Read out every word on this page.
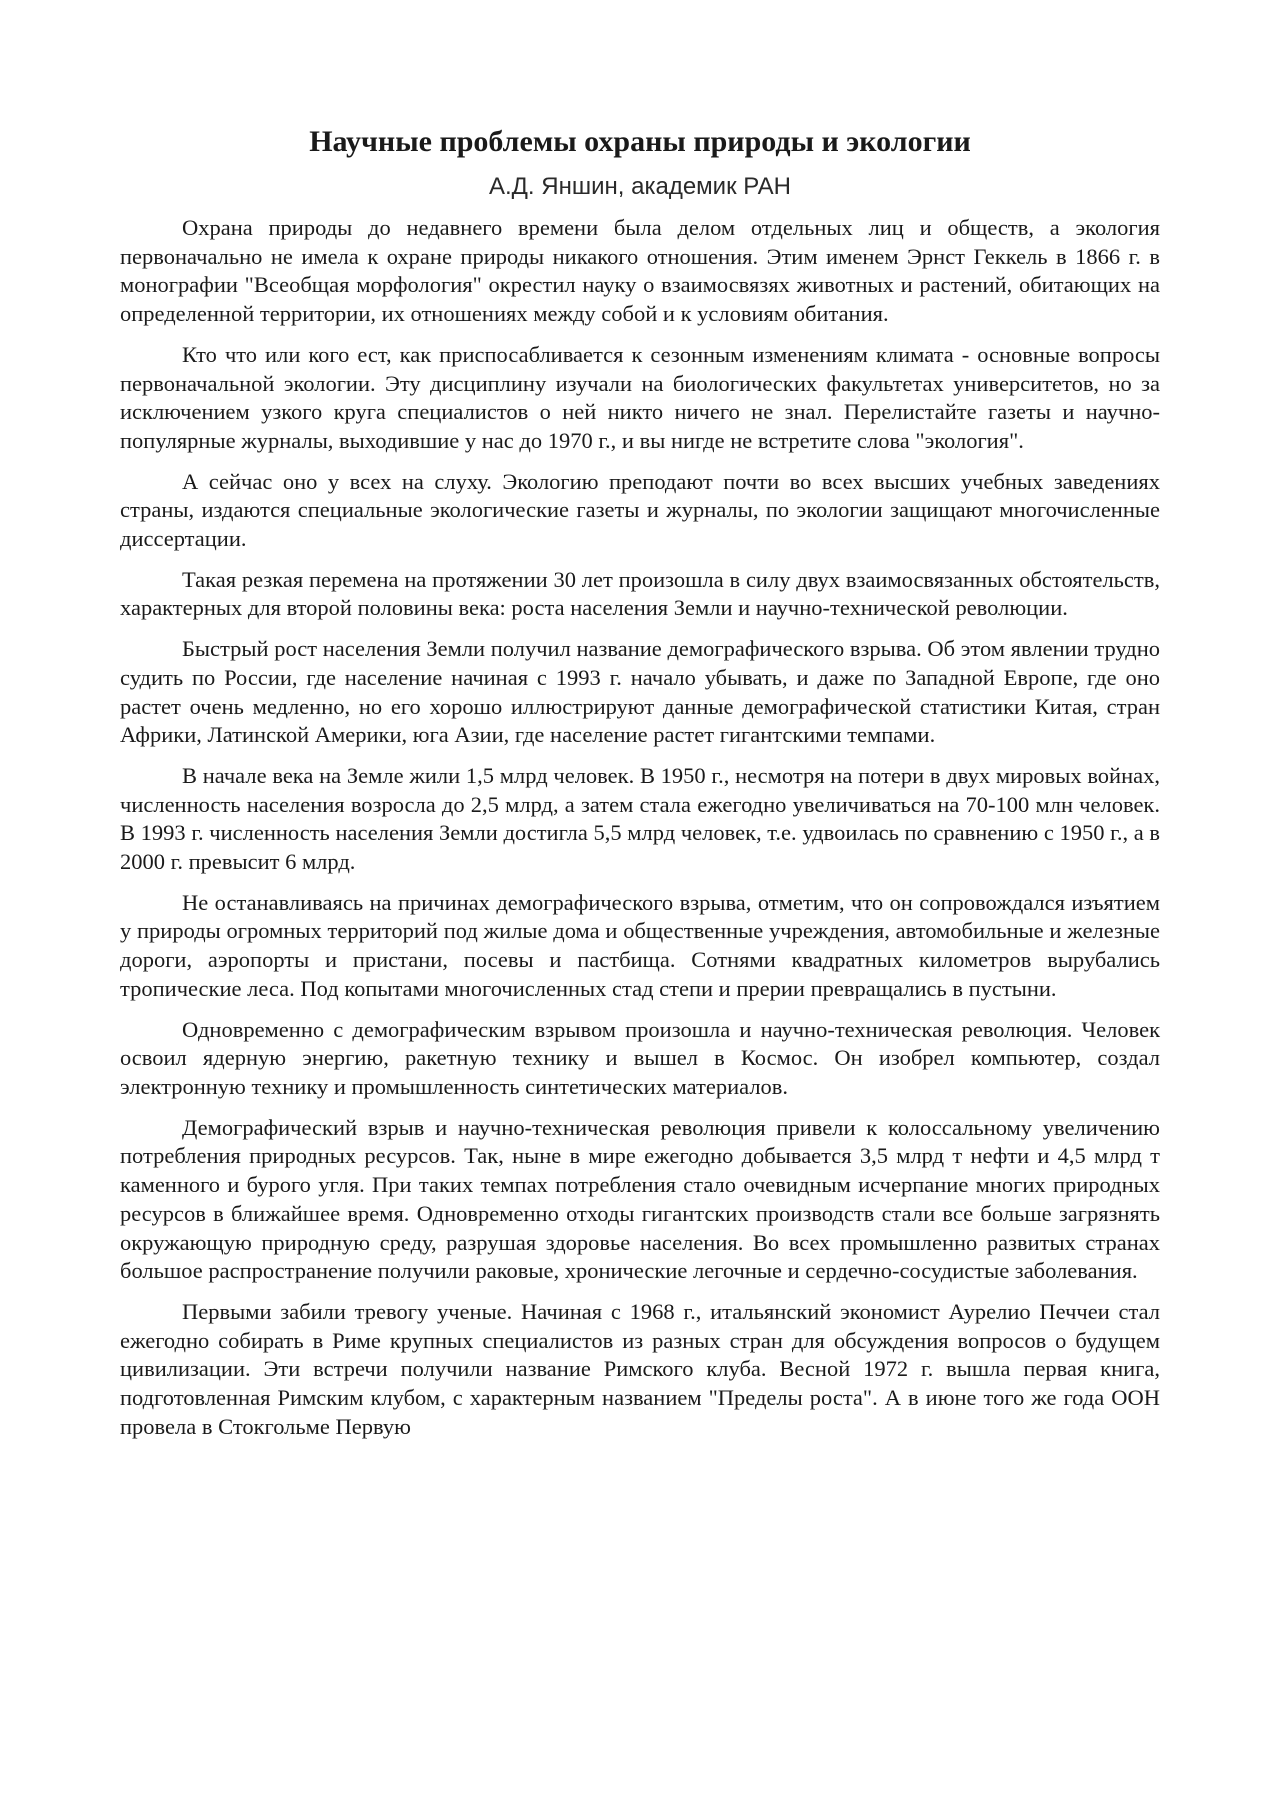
Научные проблемы охраны природы и экологии
А.Д. Яншин, академик РАН

Охрана природы до недавнего времени была делом отдельных лиц и обществ, а экология первоначально не имела к охране природы никакого отношения. Этим именем Эрнст Геккель в 1866 г. в монографии "Всеобщая морфология" окрестил науку о взаимосвязях животных и растений, обитающих на определенной территории, их отношениях между собой и к условиям обитания.

Кто что или кого ест, как приспосабливается к сезонным изменениям климата - основные вопросы первоначальной экологии. Эту дисциплину изучали на биологических факультетах университетов, но за исключением узкого круга специалистов о ней никто ничего не знал. Перелистайте газеты и научно-популярные журналы, выходившие у нас до 1970 г., и вы нигде не встретите слова "экология".

А сейчас оно у всех на слуху. Экологию преподают почти во всех высших учебных заведениях страны, издаются специальные экологические газеты и журналы, по экологии защищают многочисленные диссертации.

Такая резкая перемена на протяжении 30 лет произошла в силу двух взаимосвязанных обстоятельств, характерных для второй половины века: роста населения Земли и научно-технической революции.

Быстрый рост населения Земли получил название демографического взрыва. Об этом явлении трудно судить по России, где население начиная с 1993 г. начало убывать, и даже по Западной Европе, где оно растет очень медленно, но его хорошо иллюстрируют данные демографической статистики Китая, стран Африки, Латинской Америки, юга Азии, где население растет гигантскими темпами.

В начале века на Земле жили 1,5 млрд человек. В 1950 г., несмотря на потери в двух мировых войнах, численность населения возросла до 2,5 млрд, а затем стала ежегодно увеличиваться на 70-100 млн человек. В 1993 г. численность населения Земли достигла 5,5 млрд человек, т.е. удвоилась по сравнению с 1950 г., а в 2000 г. превысит 6 млрд.

Не останавливаясь на причинах демографического взрыва, отметим, что он сопровождался изъятием у природы огромных территорий под жилые дома и общественные учреждения, автомобильные и железные дороги, аэропорты и пристани, посевы и пастбища. Сотнями квадратных километров вырубались тропические леса. Под копытами многочисленных стад степи и прерии превращались в пустыни.

Одновременно с демографическим взрывом произошла и научно-техническая революция. Человек освоил ядерную энергию, ракетную технику и вышел в Космос. Он изобрел компьютер, создал электронную технику и промышленность синтетических материалов.

Демографический взрыв и научно-техническая революция привели к колоссальному увеличению потребления природных ресурсов. Так, ныне в мире ежегодно добывается 3,5 млрд т нефти и 4,5 млрд т каменного и бурого угля. При таких темпах потребления стало очевидным исчерпание многих природных ресурсов в ближайшее время. Одновременно отходы гигантских производств стали все больше загрязнять окружающую природную среду, разрушая здоровье населения. Во всех промышленно развитых странах большое распространение получили раковые, хронические легочные и сердечно-сосудистые заболевания.

Первыми забили тревогу ученые. Начиная с 1968 г., итальянский экономист Аурелио Печчеи стал ежегодно собирать в Риме крупных специалистов из разных стран для обсуждения вопросов о будущем цивилизации. Эти встречи получили название Римского клуба. Весной 1972 г. вышла первая книга, подготовленная Римским клубом, с характерным названием "Пределы роста". А в июне того же года ООН провела в Стокгольме Первую
